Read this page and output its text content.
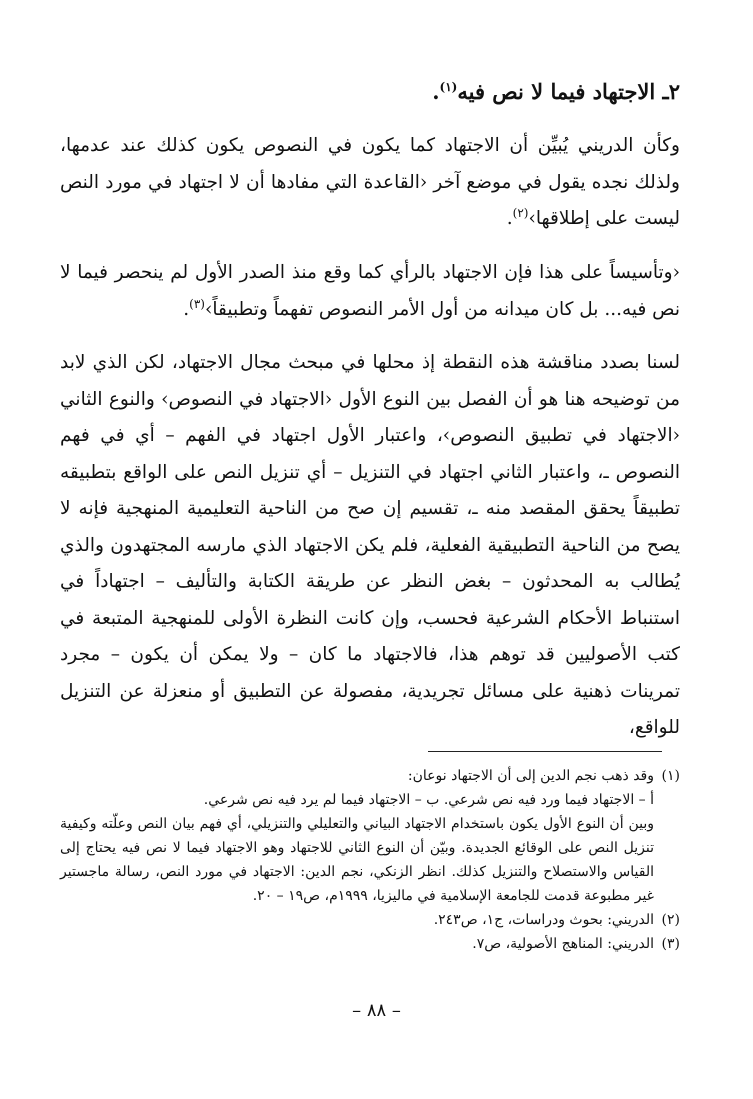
٢ـ الاجتهاد فيما لا نص فيه$^{(١)}$.
وكأن الدريني يُبيِّن أن الاجتهاد كما يكون في النصوص يكون كذلك عند عدمها، ولذلك نجده يقول في موضع آخر ‹القاعدة التي مفادها أن لا اجتهاد في مورد النص ليست على إطلاقها›$^{(٢)}$.
‹وتأسيساً على هذا فإن الاجتهاد بالرأي كما وقع منذ الصدر الأول لم ينحصر فيما لا نص فيه... بل كان ميدانه من أول الأمر النصوص تفهماً وتطبيقاً›$^{(٣)}$.
لسنا بصدد مناقشة هذه النقطة إذ محلها في مبحث مجال الاجتهاد، لكن الذي لابد من توضيحه هنا هو أن الفصل بين النوع الأول ‹الاجتهاد في النصوص› والنوع الثاني ‹الاجتهاد في تطبيق النصوص›، واعتبار الأول اجتهاد في الفهم – أي في فهم النصوص ـ، واعتبار الثاني اجتهاد في التنزيل – أي تنزيل النص على الواقع بتطبيقه تطبيقاً يحقق المقصد منه ـ، تقسيم إن صح من الناحية التعليمية المنهجية فإنه لا يصح من الناحية التطبيقية الفعلية، فلم يكن الاجتهاد الذي مارسه المجتهدون والذي يُطالب به المحدثون – بغض النظر عن طريقة الكتابة والتأليف – اجتهاداً في استنباط الأحكام الشرعية فحسب، وإن كانت النظرة الأولى للمنهجية المتبعة في كتب الأصوليين قد توهم هذا، فالاجتهاد ما كان – ولا يمكن أن يكون – مجرد تمرينات ذهنية على مسائل تجريدية، مفصولة عن التطبيق أو منعزلة عن التنزيل للواقع،
(١)
وقد ذهب نجم الدين إلى أن الاجتهاد نوعان:
أ – الاجتهاد فيما ورد فيه نص شرعي. ب – الاجتهاد فيما لم يرد فيه نص شرعي.
وبين أن النوع الأول يكون باستخدام الاجتهاد البياني والتعليلي والتنزيلي، أي فهم بيان النص وعلّته وكيفية تنزيل النص على الوقائع الجديدة. وبيّن أن النوع الثاني للاجتهاد وهو الاجتهاد فيما لا نص فيه يحتاج إلى القياس والاستصلاح والتنزيل كذلك. انظر الزنكي، نجم الدين: الاجتهاد في مورد النص، رسالة ماجستير غير مطبوعة قدمت للجامعة الإسلامية في ماليزيا، ١٩٩٩م، ص١٩ – ٢٠.
(٢)
الدريني: بحوث ودراسات، ج١، ص٢٤٣.
(٣)
الدريني: المناهج الأصولية، ص٧.
– ٨٨ –
